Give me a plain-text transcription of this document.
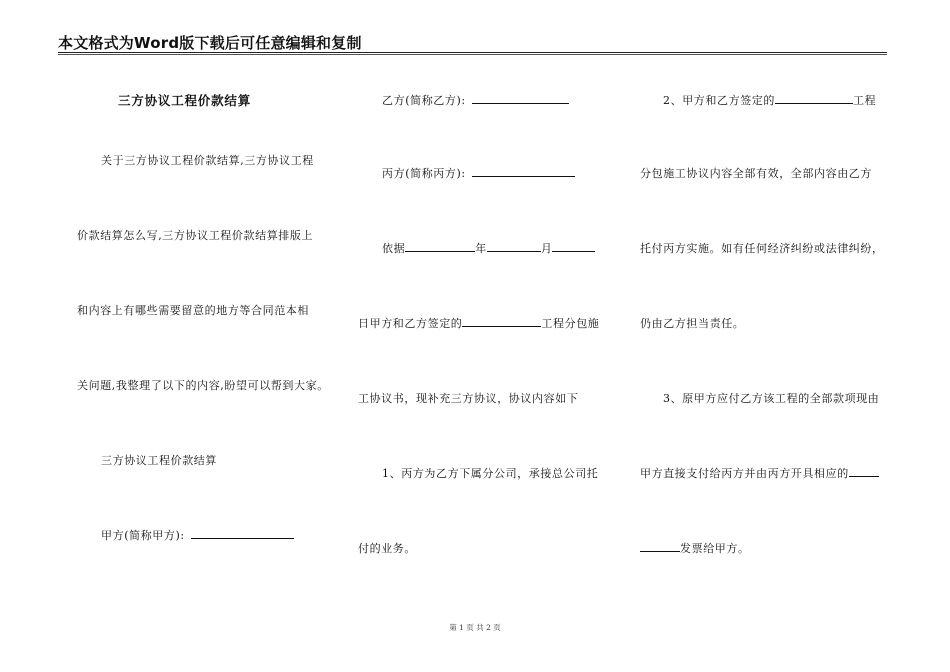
本文格式为Word版下载后可任意编辑和复制
三方协议工程价款结算
关于三方协议工程价款结算,三方协议工程
价款结算怎么写,三方协议工程价款结算排版上
和内容上有哪些需要留意的地方等合同范本相
关问题,我整理了以下的内容,盼望可以帮到大家。
三方协议工程价款结算
甲方(简称甲方):
乙方(简称乙方):
丙方(简称丙方):
依据	年	月
日甲方和乙方签定的	工程分包施
工协议书，现补充三方协议，协议内容如下
1、丙方为乙方下属分公司，承接总公司托
付的业务。
2、甲方和乙方签定的	工程
分包施工协议内容全部有效，全部内容由乙方
托付丙方实施。如有任何经济纠纷或法律纠纷，
仍由乙方担当责任。
3、原甲方应付乙方该工程的全部款项现由
甲方直接支付给丙方并由丙方开具相应的
发票给甲方。
第 1 页 共 2 页
